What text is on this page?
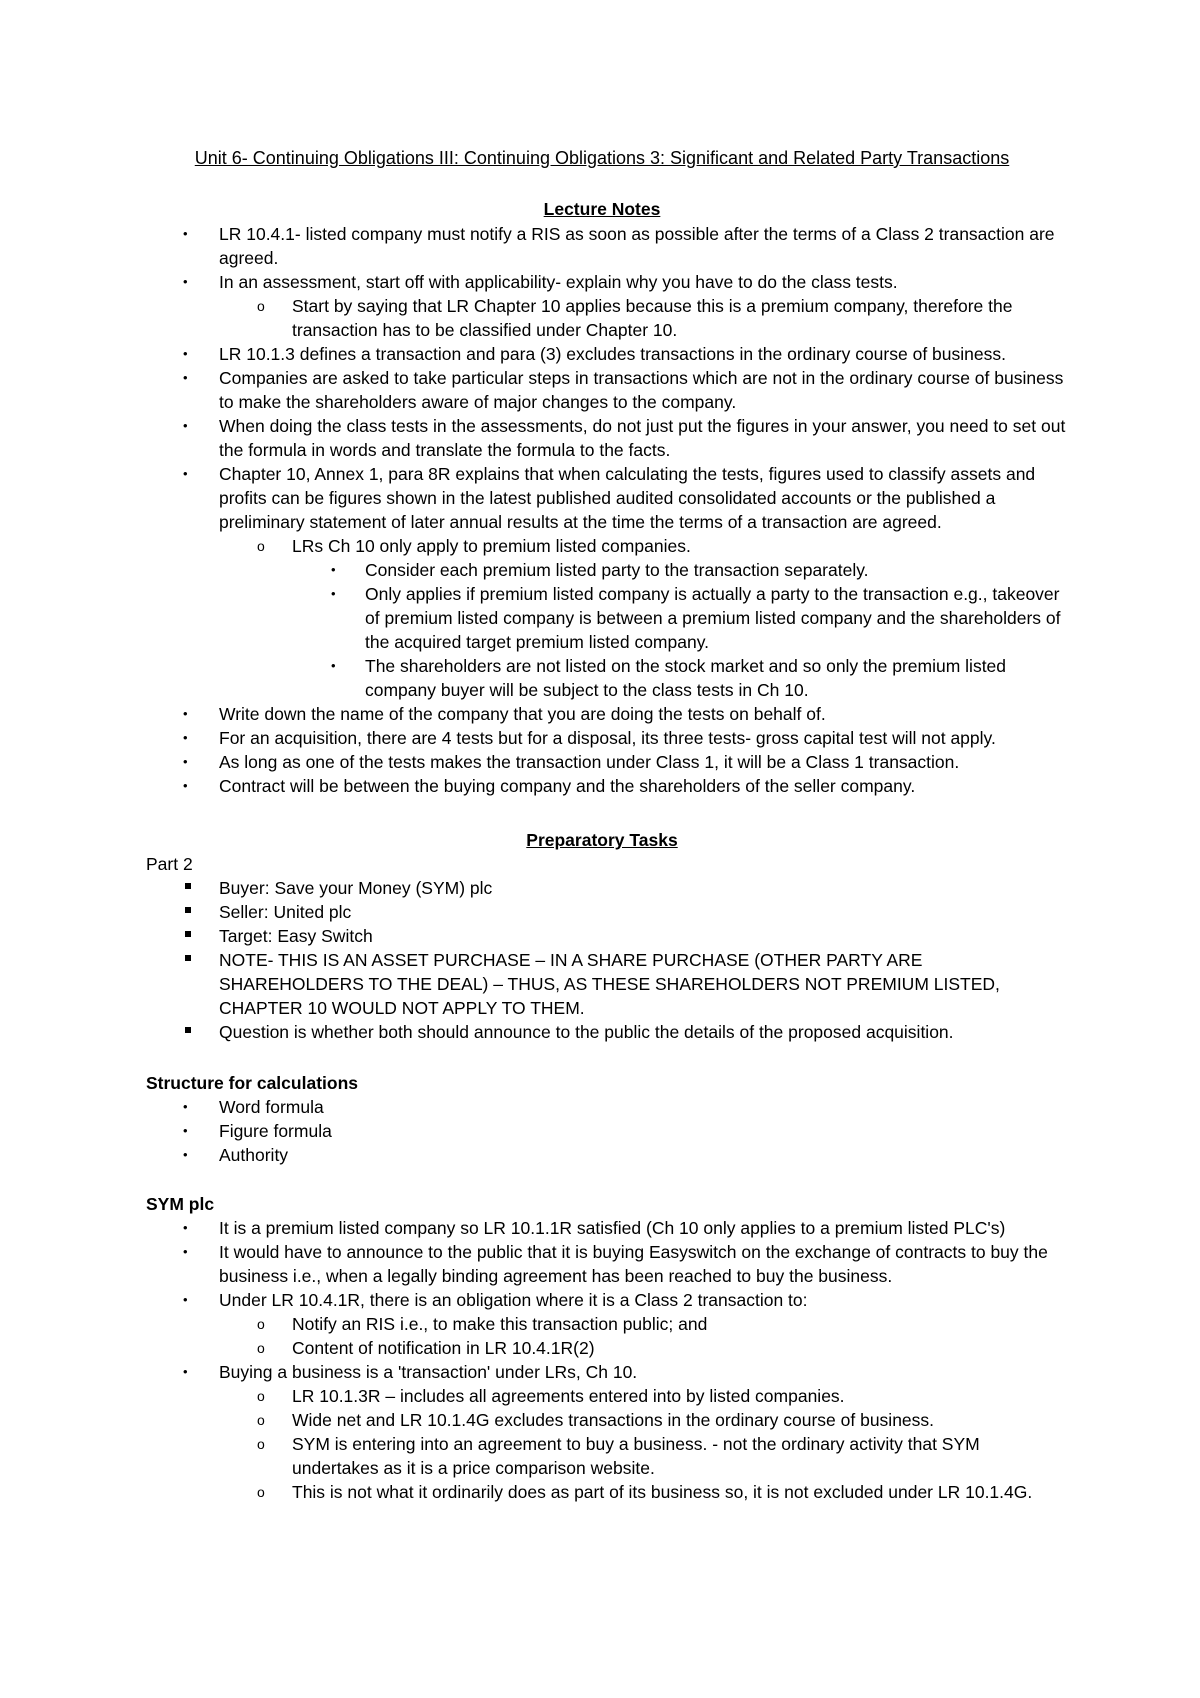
Unit 6- Continuing Obligations III: Continuing Obligations 3: Significant and Related Party Transactions
Lecture Notes
• LR 10.4.1- listed company must notify a RIS as soon as possible after the terms of a Class 2 transaction are agreed.
• In an assessment, start off with applicability- explain why you have to do the class tests.
o Start by saying that LR Chapter 10 applies because this is a premium company, therefore the transaction has to be classified under Chapter 10.
• LR 10.1.3 defines a transaction and para (3) excludes transactions in the ordinary course of business.
• Companies are asked to take particular steps in transactions which are not in the ordinary course of business to make the shareholders aware of major changes to the company.
• When doing the class tests in the assessments, do not just put the figures in your answer, you need to set out the formula in words and translate the formula to the facts.
• Chapter 10, Annex 1, para 8R explains that when calculating the tests, figures used to classify assets and profits can be figures shown in the latest published audited consolidated accounts or the published a preliminary statement of later annual results at the time the terms of a transaction are agreed.
o LRs Ch 10 only apply to premium listed companies.
• Consider each premium listed party to the transaction separately.
• Only applies if premium listed company is actually a party to the transaction e.g., takeover of premium listed company is between a premium listed company and the shareholders of the acquired target premium listed company.
• The shareholders are not listed on the stock market and so only the premium listed company buyer will be subject to the class tests in Ch 10.
• Write down the name of the company that you are doing the tests on behalf of.
• For an acquisition, there are 4 tests but for a disposal, its three tests- gross capital test will not apply.
• As long as one of the tests makes the transaction under Class 1, it will be a Class 1 transaction.
• Contract will be between the buying company and the shareholders of the seller company.
Preparatory Tasks
Part 2
Buyer: Save your Money (SYM) plc
Seller: United plc
Target: Easy Switch
NOTE- THIS IS AN ASSET PURCHASE – IN A SHARE PURCHASE (OTHER PARTY ARE SHAREHOLDERS TO THE DEAL) – THUS, AS THESE SHAREHOLDERS NOT PREMIUM LISTED, CHAPTER 10 WOULD NOT APPLY TO THEM.
Question is whether both should announce to the public the details of the proposed acquisition.
Structure for calculations
• Word formula
• Figure formula
• Authority
SYM plc
• It is a premium listed company so LR 10.1.1R satisfied (Ch 10 only applies to a premium listed PLC's)
• It would have to announce to the public that it is buying Easyswitch on the exchange of contracts to buy the business i.e., when a legally binding agreement has been reached to buy the business.
• Under LR 10.4.1R, there is an obligation where it is a Class 2 transaction to:
o Notify an RIS i.e., to make this transaction public; and
o Content of notification in LR 10.4.1R(2)
• Buying a business is a 'transaction' under LRs, Ch 10.
o LR 10.1.3R – includes all agreements entered into by listed companies.
o Wide net and LR 10.1.4G excludes transactions in the ordinary course of business.
o SYM is entering into an agreement to buy a business. - not the ordinary activity that SYM undertakes as it is a price comparison website.
o This is not what it ordinarily does as part of its business so, it is not excluded under LR 10.1.4G.
